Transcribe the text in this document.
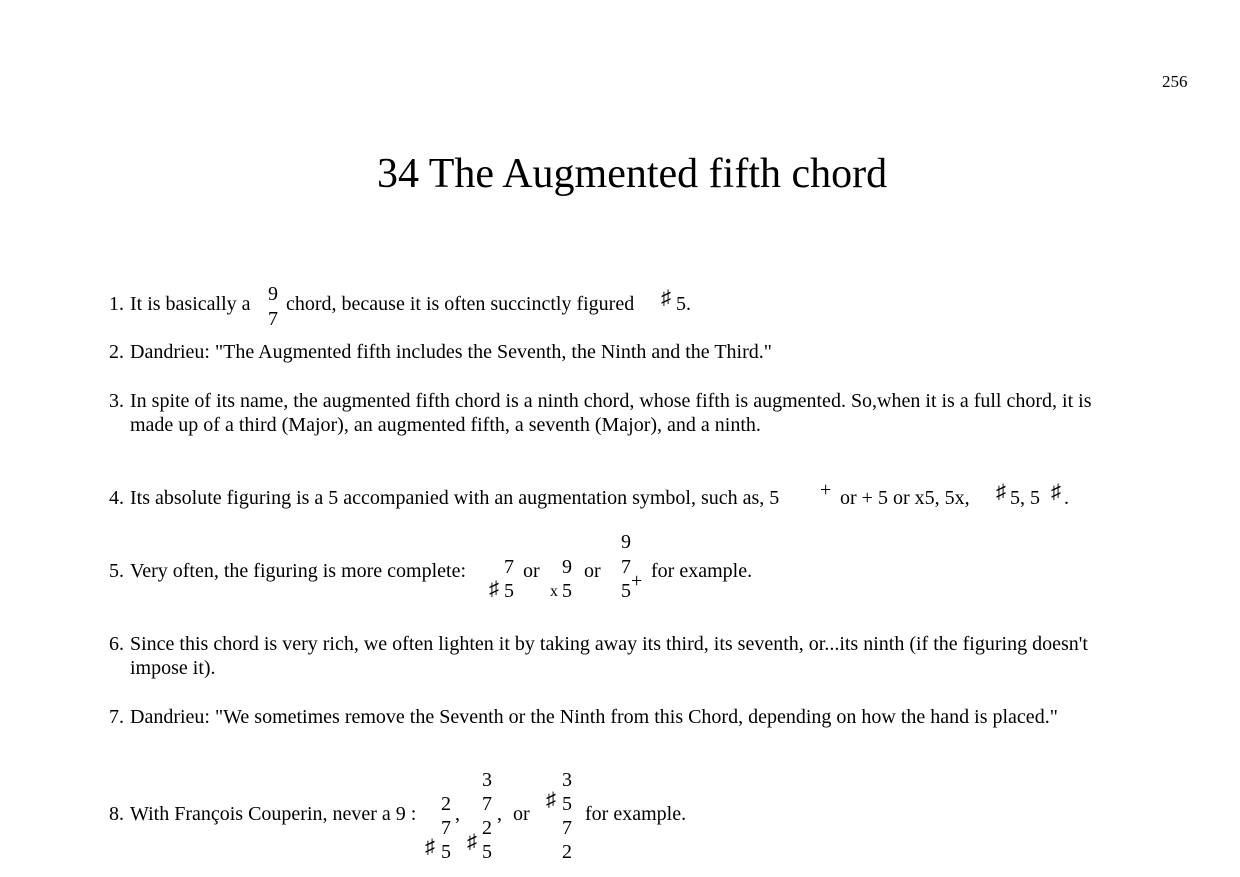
256
34 The Augmented fifth chord
1. It is basically a 9
7
chord, because it is often succinctly figured ♯ 5.
2. Dandrieu: "The Augmented fifth includes the Seventh, the Ninth and the Third."
3. In spite of its name, the augmented fifth chord is a ninth chord, whose fifth is augmented. So,when it is a full chord, it is
made up of a third (Major), an augmented fifth, a seventh (Major), and a ninth.
4. Its absolute figuring is a 5 accompanied with an augmentation symbol, such as, 5 + or + 5 or x5, 5x, ♯ 5, 5 ♯ .
5. Very often, the figuring is more complete: 7
♯ 5
or 9
x 5
or
9
7
5 + for example.
6. Since this chord is very rich, we often lighten it by taking away its third, its seventh, or...its ninth (if the figuring doesn't
impose it).
7. Dandrieu: "We sometimes remove the Seventh or the Ninth from this Chord, depending on how the hand is placed."
8. With François Couperin, never a 9 : 2
7
♯ 5
,
3
7
2
♯ 5
, or
3
♯ 5
7
2
for example.
